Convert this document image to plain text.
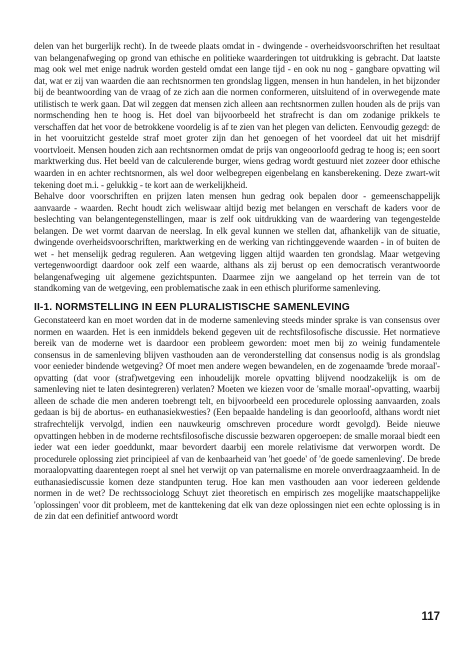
delen van het burgerlijk recht). In de tweede plaats omdat in - dwingende - overheidsvoorschriften het resultaat van belangenafweging op grond van ethische en politieke waarderingen tot uitdrukking is gebracht. Dat laatste mag ook wel met enige nadruk worden gesteld omdat een lange tijd - en ook nu nog - gangbare opvatting wil dat, wat er zij van waarden die aan rechtsnormen ten grondslag liggen, mensen in hun handelen, in het bijzonder bij de beantwoording van de vraag of ze zich aan die normen conformeren, uitsluitend of in overwegende mate utilistisch te werk gaan. Dat wil zeggen dat mensen zich alleen aan rechtsnormen zullen houden als de prijs van normschending hen te hoog is. Het doel van bijvoorbeeld het strafrecht is dan om zodanige prikkels te verschaffen dat het voor de betrokkene voordelig is af te zien van het plegen van delicten. Eenvoudig gezegd: de in het vooruitzicht gestelde straf moet groter zijn dan het genoegen of het voordeel dat uit het misdrijf voortvloeit. Mensen houden zich aan rechtsnormen omdat de prijs van ongeoorloofd gedrag te hoog is; een soort marktwerking dus. Het beeld van de calculerende burger, wiens gedrag wordt gestuurd niet zozeer door ethische waarden in en achter rechtsnormen, als wel door welbegrepen eigenbelang en kansberekening. Deze zwart-wit tekening doet m.i. - gelukkig - te kort aan de werkelijkheid.

Behalve door voorschriften en prijzen laten mensen hun gedrag ook bepalen door - gemeenschappelijk aanvaarde - waarden. Recht houdt zich weliswaar altijd bezig met belangen en verschaft de kaders voor de beslechting van belangentegenstellingen, maar is zelf ook uitdrukking van de waardering van tegengestelde belangen. De wet vormt daarvan de neerslag. In elk geval kunnen we stellen dat, afhankelijk van de situatie, dwingende overheidsvoorschriften, marktwerking en de werking van richtinggevende waarden - in of buiten de wet - het menselijk gedrag reguleren. Aan wetgeving liggen altijd waarden ten grondslag. Maar wetgeving vertegenwoordigt daardoor ook zelf een waarde, althans als zij berust op een democratisch verantwoorde belangenafweging uit algemene gezichtspunten. Daarmee zijn we aangeland op het terrein van de tot standkoming van de wetgeving, een problematische zaak in een ethisch pluriforme samenleving.

II-1. NORMSTELLING IN EEN PLURALISTISCHE SAMENLEVING

Geconstateerd kan en moet worden dat in de moderne samenleving steeds minder sprake is van consensus over normen en waarden. Het is een inmiddels bekend gegeven uit de rechtsfilosofische discussie. Het normatieve bereik van de moderne wet is daardoor een probleem geworden: moet men bij zo weinig fundamentele consensus in de samenleving blijven vasthouden aan de veronderstelling dat consensus nodig is als grondslag voor eenieder bindende wetgeving? Of moet men andere wegen bewandelen, en de zogenaamde 'brede moraal'-opvatting (dat voor (straf)wetgeving een inhoudelijk morele opvatting blijvend noodzakelijk is om de samenleving niet te laten desintegreren) verlaten? Moeten we kiezen voor de 'smalle moraal'-opvatting, waarbij alleen de schade die men anderen toebrengt telt, en bijvoorbeeld een procedurele oplossing aanvaarden, zoals gedaan is bij de abortus- en euthanasiekwesties? (Een bepaalde handeling is dan geoorloofd, althans wordt niet strafrechtelijk vervolgd, indien een nauwkeurig omschreven procedure wordt gevolgd). Beide nieuwe opvattingen hebben in de moderne rechtsfilosofische discussie bezwaren opgeroepen: de smalle moraal biedt een ieder wat een ieder goeddunkt, maar bevordert daarbij een morele relativisme dat verworpen wordt. De procedurele oplossing ziet principieel af van de kenbaarheid van 'het goede' of 'de goede samenleving'. De brede moraalopvatting daarentegen roept al snel het verwijt op van paternalisme en morele onverdraagzaamheid. In de euthanasiediscussie komen deze standpunten terug. Hoe kan men vasthouden aan voor iedereen geldende normen in de wet? De rechtssociologg Schuyt ziet theoretisch en empirisch zes mogelijke maatschappelijke 'oplossingen' voor dit probleem, met de kanttekening dat elk van deze oplossingen niet een echte oplossing is in de zin dat een definitief antwoord wordt

117
